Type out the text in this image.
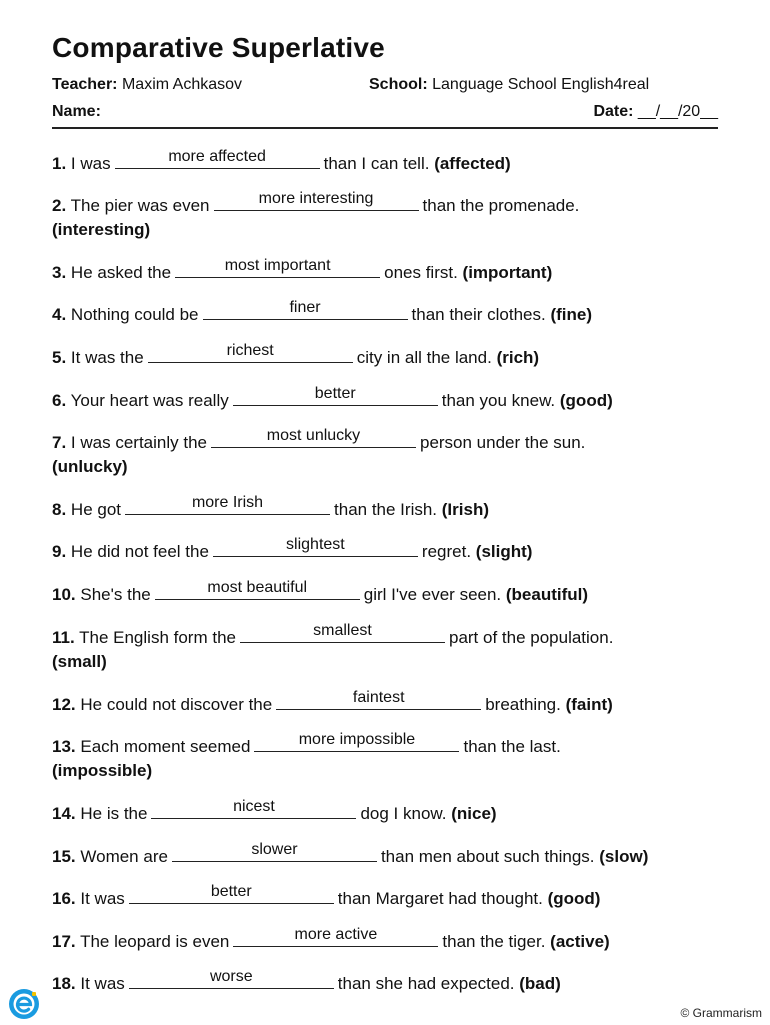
Comparative Superlative
Teacher: Maxim Achkasov	School: Language School English4real
Name:	Date: __/__/20__
1. I was	more affected	than I can tell. (affected)
2. The pier was even	more interesting	than the promenade.
(interesting)
3. He asked the	most important	ones first. (important)
4. Nothing could be	finer	than their clothes. (fine)
5. It was the	richest	city in all the land. (rich)
6. Your heart was really	better	than you knew. (good)
7. I was certainly the	most unlucky	person under the sun.
(unlucky)
8. He got	more Irish	than the Irish. (Irish)
9. He did not feel the	slightest	regret. (slight)
10. She's the	most beautiful	girl I've ever seen. (beautiful)
11. The English form the	smallest	part of the population.
(small)
12. He could not discover the	faintest	breathing. (faint)
13. Each moment seemed	more impossible	than the last.
(impossible)
14. He is the	nicest	dog I know. (nice)
15. Women are	slower	than men about such things. (slow)
16. It was	better	than Margaret had thought. (good)
17. The leopard is even	more active	than the tiger. (active)
18. It was	worse	than she had expected. (bad)
© Grammarism
